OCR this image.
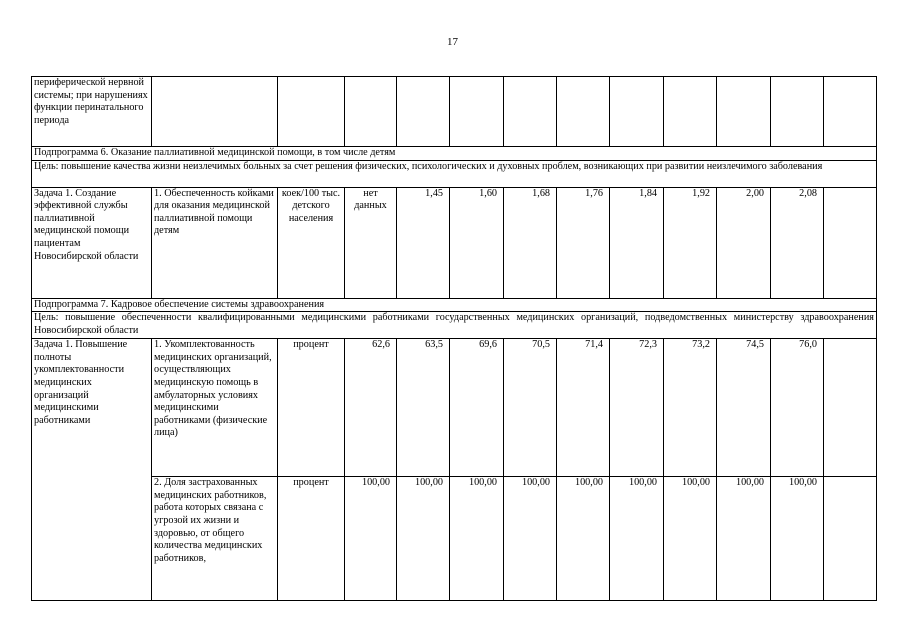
17
периферической нервной системы; при нарушениях функции перинатального периода												
Подпрограмма 6. Оказание паллиативной медицинской помощи, в том числе детям												
Цель: повышение качества жизни неизлечимых больных за счет решения физических, психологических и духовных проблем, возникающих при развитии неизлечимого заболевания												
Задача 1. Создание эффективной службы паллиативной медицинской помощи пациентам Новосибирской области	1. Обеспеченность койками для оказания медицинской паллиативной помощи детям	коек/100 тыс. детского населения	нет данных	1,45	1,60	1,68	1,76	1,84	1,92	2,00	2,08	
Подпрограмма 7. Кадровое обеспечение системы здравоохранения												
Цель: повышение обеспеченности квалифицированными медицинскими работниками государственных медицинских организаций, подведомственных министерству здравоохранения Новосибирской области												
Задача 1. Повышение полноты укомплектованности медицинских организаций медицинскими работниками	1. Укомплектованность медицинских организаций, осуществляющих медицинскую помощь в амбулаторных условиях медицинскими работниками (физические лица)	процент	62,6	63,5	69,6	70,5	71,4	72,3	73,2	74,5	76,0	
	2. Доля застрахованных медицинских работников, работа которых связана с угрозой их жизни и здоровью, от общего количества медицинских работников,	процент	100,00	100,00	100,00	100,00	100,00	100,00	100,00	100,00	100,00	
